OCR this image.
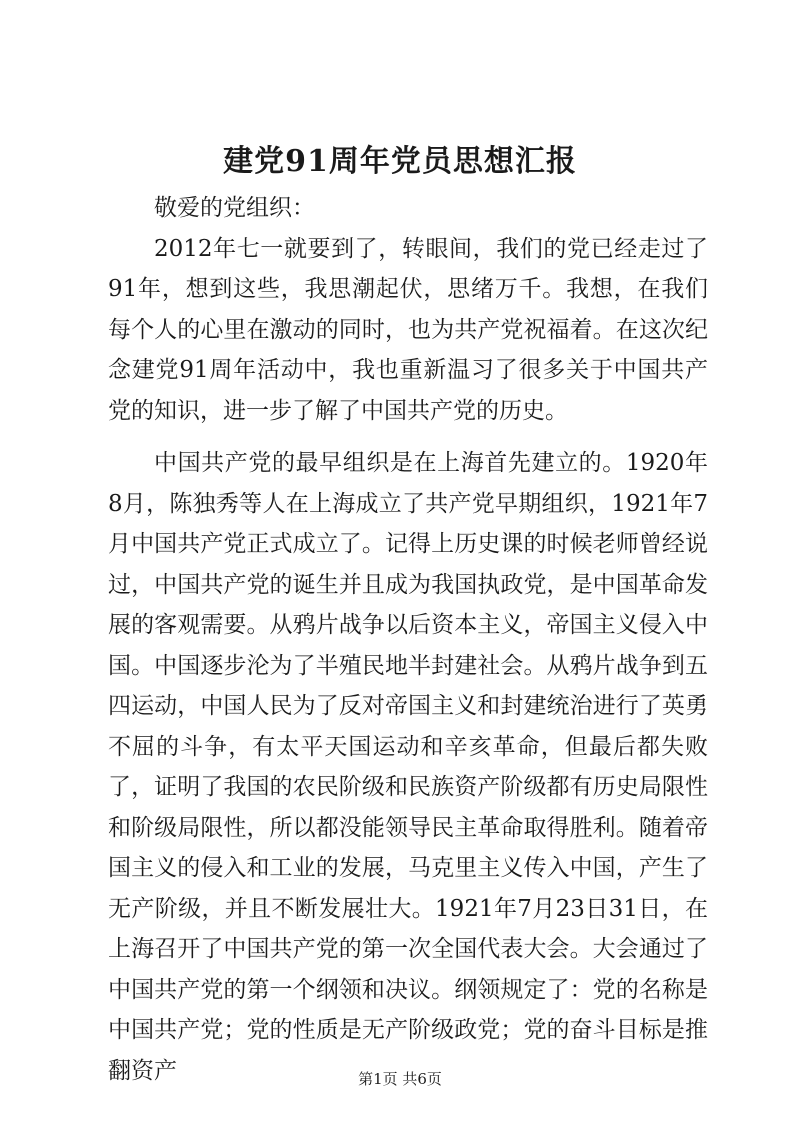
建党91周年党员思想汇报

敬爱的党组织：

2012年七一就要到了，转眼间，我们的党已经走过了91年，想到这些，我思潮起伏，思绪万千。我想，在我们每个人的心里在激动的同时，也为共产党祝福着。在这次纪念建党91周年活动中，我也重新温习了很多关于中国共产党的知识，进一步了解了中国共产党的历史。

中国共产党的最早组织是在上海首先建立的。1920年8月，陈独秀等人在上海成立了共产党早期组织，1921年7月中国共产党正式成立了。记得上历史课的时候老师曾经说过，中国共产党的诞生并且成为我国执政党，是中国革命发展的客观需要。从鸦片战争以后资本主义，帝国主义侵入中国。中国逐步沦为了半殖民地半封建社会。从鸦片战争到五四运动，中国人民为了反对帝国主义和封建统治进行了英勇不屈的斗争，有太平天国运动和辛亥革命，但最后都失败了，证明了我国的农民阶级和民族资产阶级都有历史局限性和阶级局限性，所以都没能领导民主革命取得胜利。随着帝国主义的侵入和工业的发展，马克里主义传入中国，产生了无产阶级，并且不断发展壮大。1921年7月23日31日，在上海召开了中国共产党的第一次全国代表大会。大会通过了中国共产党的第一个纲领和决议。纲领规定了：党的名称是中国共产党；党的性质是无产阶级政党；党的奋斗目标是推翻资产	第1页 共6页
